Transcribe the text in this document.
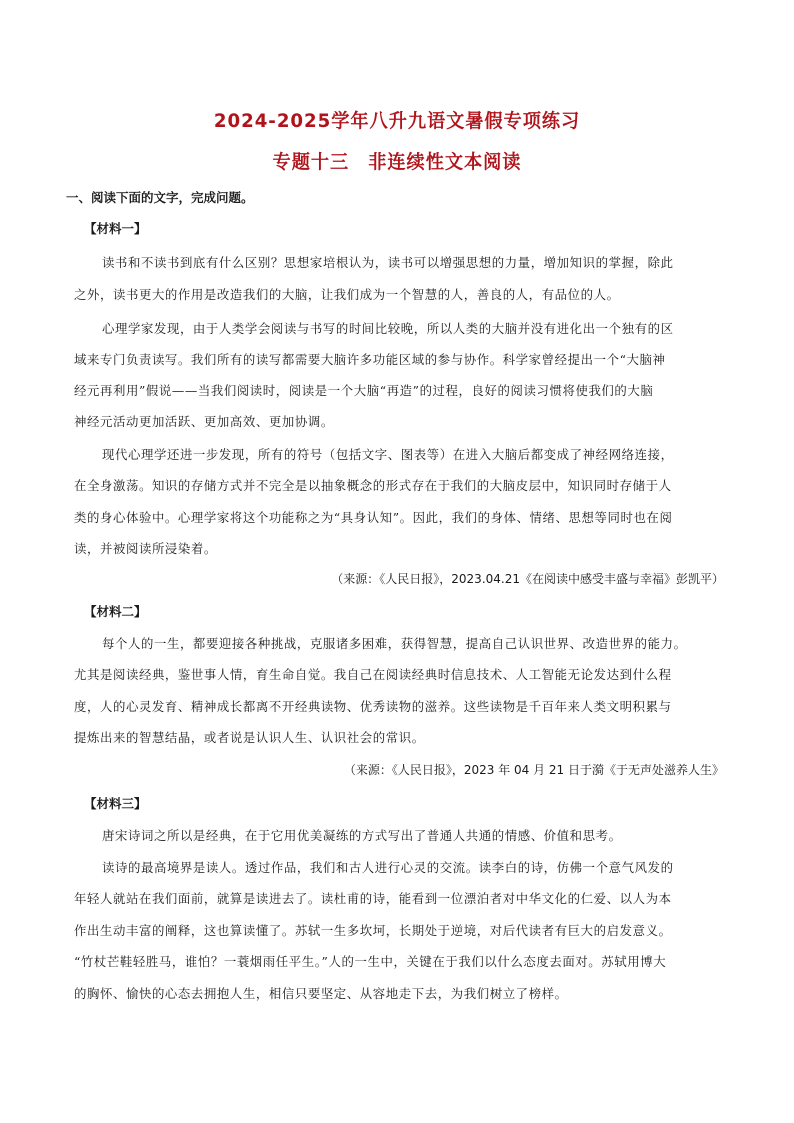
2024-2025学年八升九语文暑假专项练习
专题十三　非连续性文本阅读
一、阅读下面的文字，完成问题。
【材料一】
读书和不读书到底有什么区别？思想家培根认为，读书可以增强思想的力量，增加知识的掌握，除此
之外，读书更大的作用是改造我们的大脑，让我们成为一个智慧的人，善良的人，有品位的人。
心理学家发现，由于人类学会阅读与书写的时间比较晚，所以人类的大脑并没有进化出一个独有的区
域来专门负责读写。我们所有的读写都需要大脑许多功能区域的参与协作。科学家曾经提出一个“大脑神
经元再利用”假说——当我们阅读时，阅读是一个大脑“再造”的过程，良好的阅读习惯将使我们的大脑
神经元活动更加活跃、更加高效、更加协调。
现代心理学还进一步发现，所有的符号（包括文字、图表等）在进入大脑后都变成了神经网络连接，
在全身激荡。知识的存储方式并不完全是以抽象概念的形式存在于我们的大脑皮层中，知识同时存储于人
类的身心体验中。心理学家将这个功能称之为“具身认知”。因此，我们的身体、情绪、思想等同时也在阅
读，并被阅读所浸染着。
（来源：《人民日报》，2023.04.21《在阅读中感受丰盛与幸福》彭凯平）
【材料二】
每个人的一生，都要迎接各种挑战，克服诸多困难，获得智慧，提高自己认识世界、改造世界的能力。
尤其是阅读经典，鉴世事人情，育生命自觉。我自己在阅读经典时信息技术、人工智能无论发达到什么程
度，人的心灵发育、精神成长都离不开经典读物、优秀读物的滋养。这些读物是千百年来人类文明积累与
提炼出来的智慧结晶，或者说是认识人生、认识社会的常识。
（来源：《人民日报》，2023 年 04 月 21 日于漪《于无声处滋养人生》
【材料三】
唐宋诗词之所以是经典，在于它用优美凝练的方式写出了普通人共通的情感、价值和思考。
读诗的最高境界是读人。透过作品，我们和古人进行心灵的交流。读李白的诗，仿佛一个意气风发的
年轻人就站在我们面前，就算是读进去了。读杜甫的诗，能看到一位漂泊者对中华文化的仁爱、以人为本
作出生动丰富的阐释，这也算读懂了。苏轼一生多坎坷，长期处于逆境，对后代读者有巨大的启发意义。
“竹杖芒鞋轻胜马，谁怕？一蓑烟雨任平生。”人的一生中，关键在于我们以什么态度去面对。苏轼用博大
的胸怀、愉快的心态去拥抱人生，相信只要坚定、从容地走下去，为我们树立了榜样。
